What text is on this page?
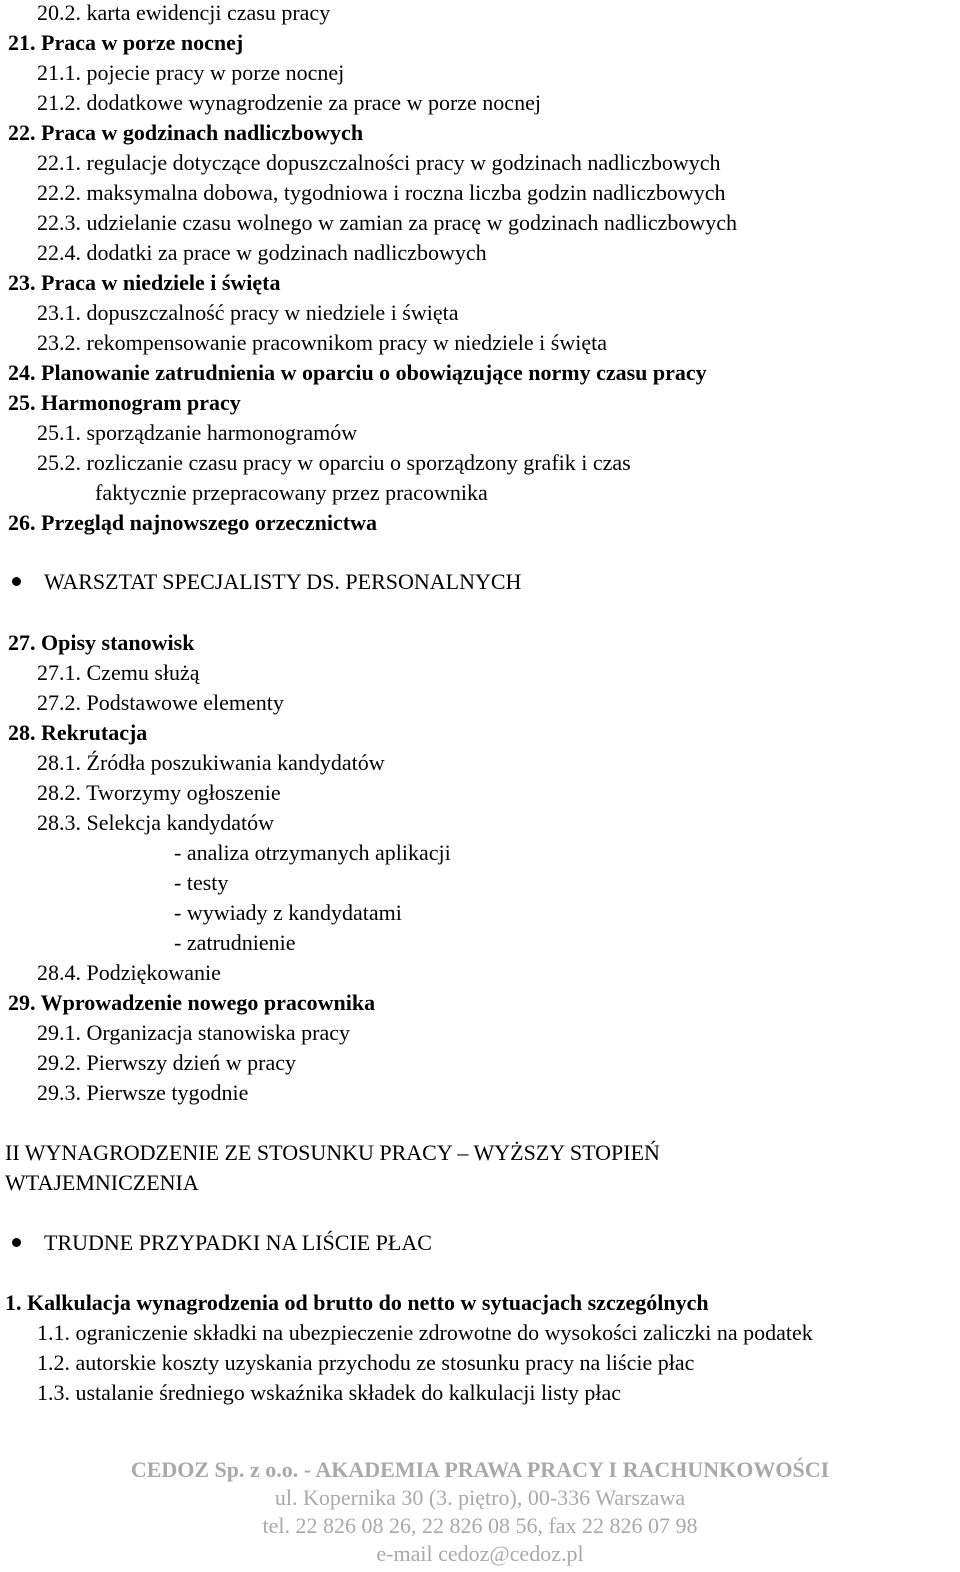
20.2. karta ewidencji czasu pracy
21. Praca w porze nocnej
21.1. pojecie pracy w porze nocnej
21.2. dodatkowe wynagrodzenie za prace w porze nocnej
22. Praca w godzinach nadliczbowych
22.1. regulacje dotyczące dopuszczalności pracy w godzinach nadliczbowych
22.2. maksymalna dobowa, tygodniowa i roczna liczba godzin nadliczbowych
22.3. udzielanie czasu wolnego w zamian za pracę w godzinach nadliczbowych
22.4. dodatki za prace w godzinach nadliczbowych
23. Praca w niedziele i święta
23.1. dopuszczalność pracy w niedziele i święta
23.2. rekompensowanie pracownikom pracy w niedziele i święta
24. Planowanie zatrudnienia w oparciu o obowiązujące normy czasu pracy
25. Harmonogram pracy
25.1. sporządzanie harmonogramów
25.2. rozliczanie czasu pracy w oparciu o sporządzony grafik i czas
faktycznie przepracowany przez pracownika
26. Przegląd najnowszego orzecznictwa
WARSZTAT SPECJALISTY DS. PERSONALNYCH
27. Opisy stanowisk
27.1. Czemu służą
27.2. Podstawowe elementy
28. Rekrutacja
28.1. Źródła poszukiwania kandydatów
28.2. Tworzymy ogłoszenie
28.3. Selekcja kandydatów
- analiza otrzymanych aplikacji
- testy
- wywiady z kandydatami
- zatrudnienie
28.4. Podziękowanie
29. Wprowadzenie nowego pracownika
29.1. Organizacja stanowiska pracy
29.2. Pierwszy dzień w pracy
29.3. Pierwsze tygodnie
II WYNAGRODZENIE ZE STOSUNKU PRACY – WYŻSZY STOPIEŃ
WTAJEMNICZENIA
TRUDNE PRZYPADKI NA LIŚCIE PŁAC
1. Kalkulacja wynagrodzenia od brutto do netto w sytuacjach szczególnych
1.1. ograniczenie składki na ubezpieczenie zdrowotne do wysokości zaliczki na podatek
1.2. autorskie koszty uzyskania przychodu ze stosunku pracy na liście płac
1.3. ustalanie średniego wskaźnika składek do kalkulacji listy płac
CEDOZ Sp. z o.o. - AKADEMIA PRAWA PRACY I RACHUNKOWOŚCI
ul. Kopernika 30 (3. piętro), 00-336 Warszawa
tel. 22 826 08 26, 22 826 08 56, fax 22 826 07 98
e-mail cedoz@cedoz.pl
